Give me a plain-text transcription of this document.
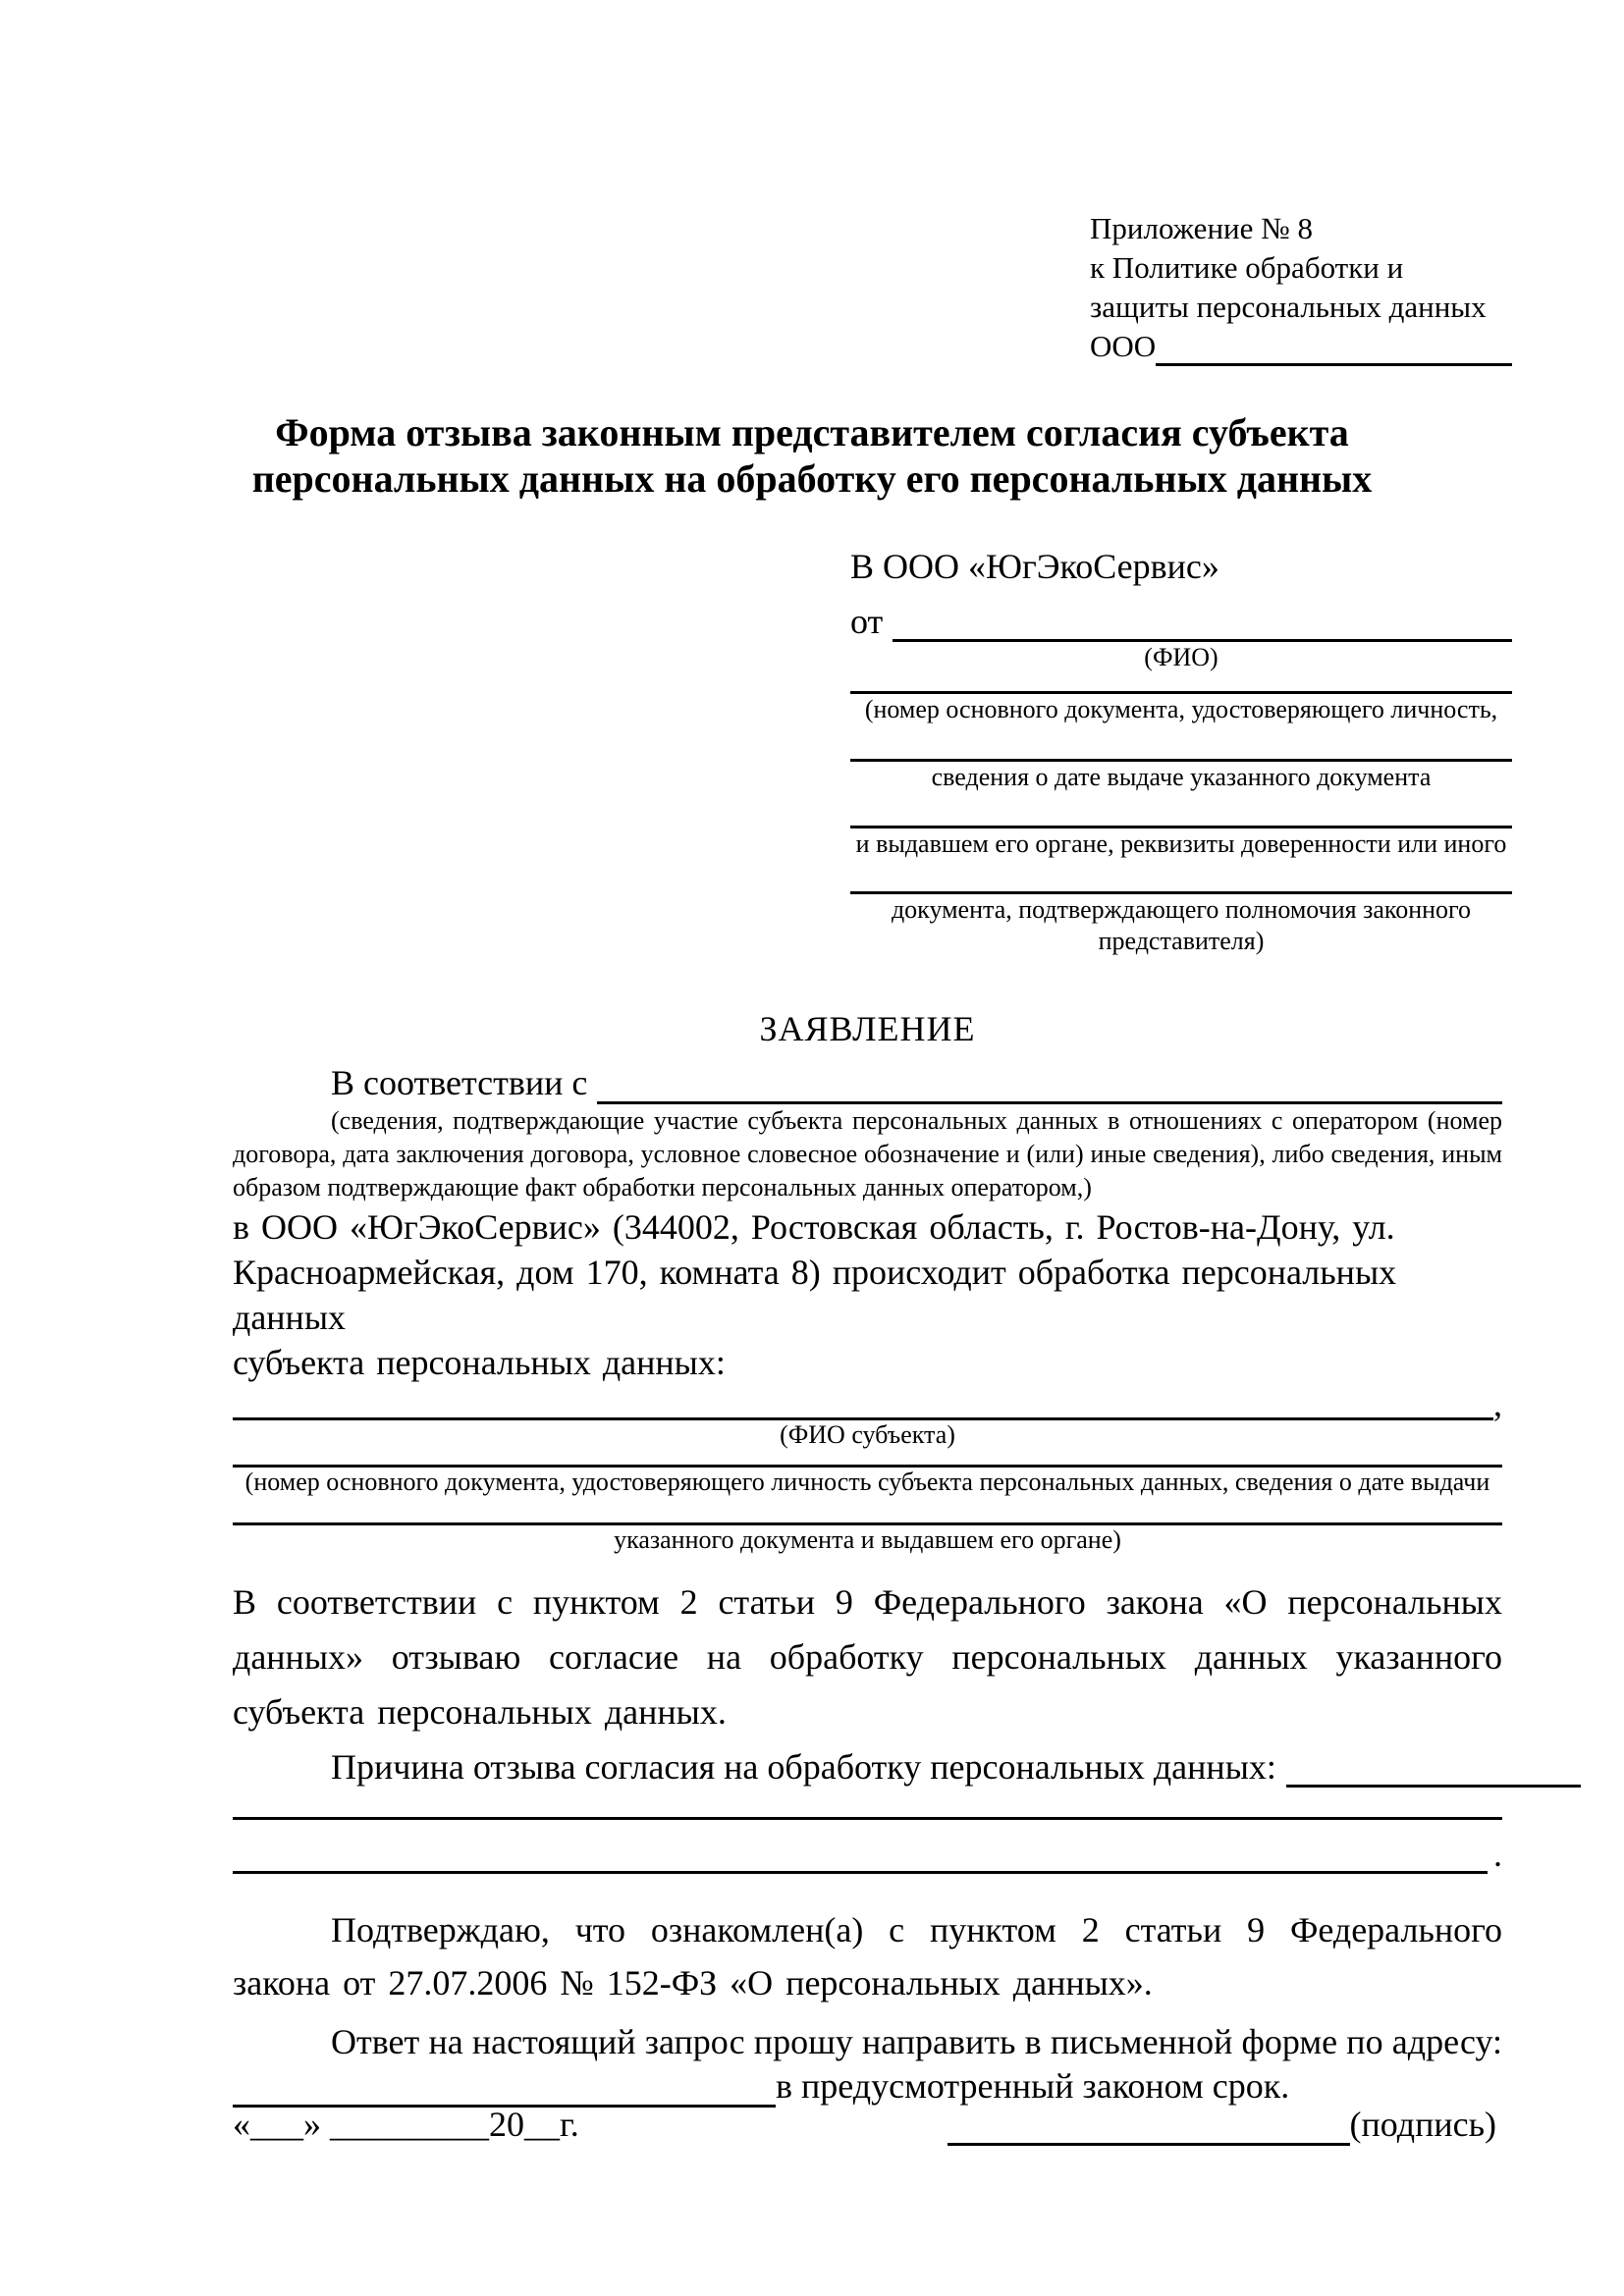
Приложение № 8
к Политике обработки и
защиты персональных данных
ООО
Форма отзыва законным представителем согласия субъекта
персональных данных на обработку его персональных данных
В ООО «ЮгЭкоСервис»
от
(ФИО)
(номер основного документа, удостоверяющего личность,
сведения о дате выдаче указанного документа
и выдавшем его органе, реквизиты доверенности или иного
документа, подтверждающего полномочия законного представителя)
ЗАЯВЛЕНИЕ
В соответствии с
(сведения, подтверждающие участие субъекта персональных данных в отношениях с оператором (номер договора, дата заключения договора, условное словесное обозначение и (или) иные сведения), либо сведения, иным образом подтверждающие факт обработки персональных данных оператором,)
в ООО «ЮгЭкоСервис» (344002, Ростовская область, г. Ростов-на-Дону, ул.
Красноармейская, дом 170, комната 8) происходит обработка персональных данных
субъекта персональных данных:
,
(ФИО субъекта)
(номер основного документа, удостоверяющего личность субъекта персональных данных, сведения о дате выдачи
указанного документа и выдавшем его органе)
В соответствии с пунктом 2 статьи 9 Федерального закона «О персональных данных» отзываю согласие на обработку персональных данных указанного субъекта персональных данных.
Причина отзыва согласия на обработку персональных данных:
.
Подтверждаю, что ознакомлен(а) с пунктом 2 статьи 9 Федерального закона от 27.07.2006 № 152-ФЗ «О персональных данных».
Ответ на настоящий запрос прошу направить в письменной форме по адресу:
в предусмотренный законом срок.
«___» _________20__г.	(подпись)
